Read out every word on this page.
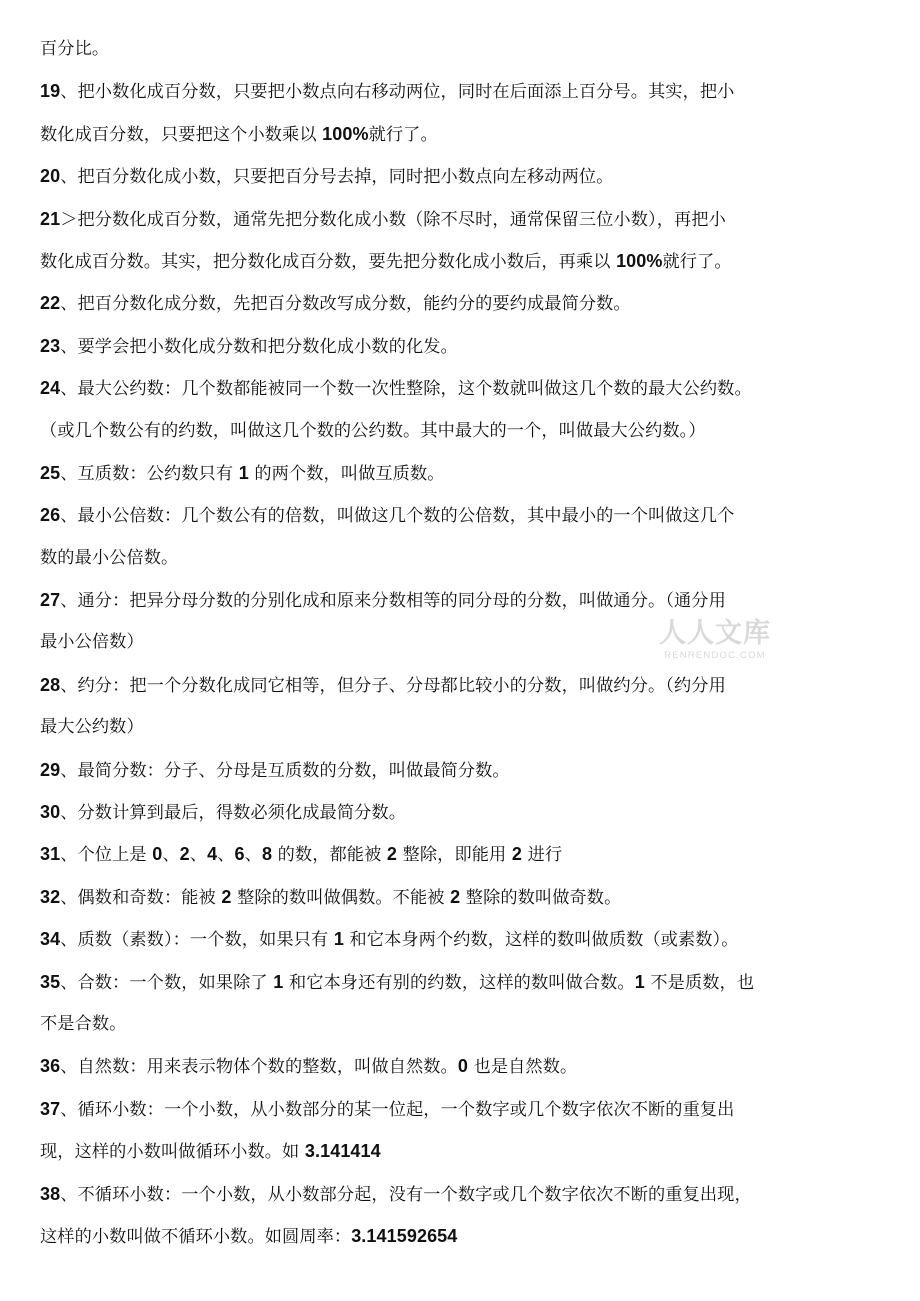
百分比。
19、把小数化成百分数，只要把小数点向右移动两位，同时在后面添上百分号。其实，把小
数化成百分数，只要把这个小数乘以 100%就行了。
20、把百分数化成小数，只要把百分号去掉，同时把小数点向左移动两位。
21＞把分数化成百分数，通常先把分数化成小数（除不尽时，通常保留三位小数），再把小
数化成百分数。其实，把分数化成百分数，要先把分数化成小数后，再乘以 100%就行了。
22、把百分数化成分数，先把百分数改写成分数，能约分的要约成最简分数。
23、要学会把小数化成分数和把分数化成小数的化发。
24、最大公约数：几个数都能被同一个数一次性整除，这个数就叫做这几个数的最大公约数。
（或几个数公有的约数，叫做这几个数的公约数。其中最大的一个，叫做最大公约数。）
25、互质数：公约数只有 1 的两个数，叫做互质数。
26、最小公倍数：几个数公有的倍数，叫做这几个数的公倍数，其中最小的一个叫做这几个
数的最小公倍数。
27、通分：把异分母分数的分别化成和原来分数相等的同分母的分数，叫做通分。（通分用
最小公倍数）
28、约分：把一个分数化成同它相等，但分子、分母都比较小的分数，叫做约分。（约分用
最大公约数）
29、最简分数：分子、分母是互质数的分数，叫做最简分数。
30、分数计算到最后，得数必须化成最简分数。
31、个位上是 0、2、4、6、8 的数，都能被 2 整除，即能用 2 进行
32、偶数和奇数：能被 2 整除的数叫做偶数。不能被 2 整除的数叫做奇数。
34、质数（素数）：一个数，如果只有 1 和它本身两个约数，这样的数叫做质数（或素数）。
35、合数：一个数，如果除了 1 和它本身还有别的约数，这样的数叫做合数。1 不是质数，也
不是合数。
36、自然数：用来表示物体个数的整数，叫做自然数。0 也是自然数。
37、循环小数：一个小数，从小数部分的某一位起，一个数字或几个数字依次不断的重复出
现，这样的小数叫做循环小数。如 3.141414
38、不循环小数：一个小数，从小数部分起，没有一个数字或几个数字依次不断的重复出现，
这样的小数叫做不循环小数。如圆周率：3.141592654
人人文库
RENRENDOC.COM
